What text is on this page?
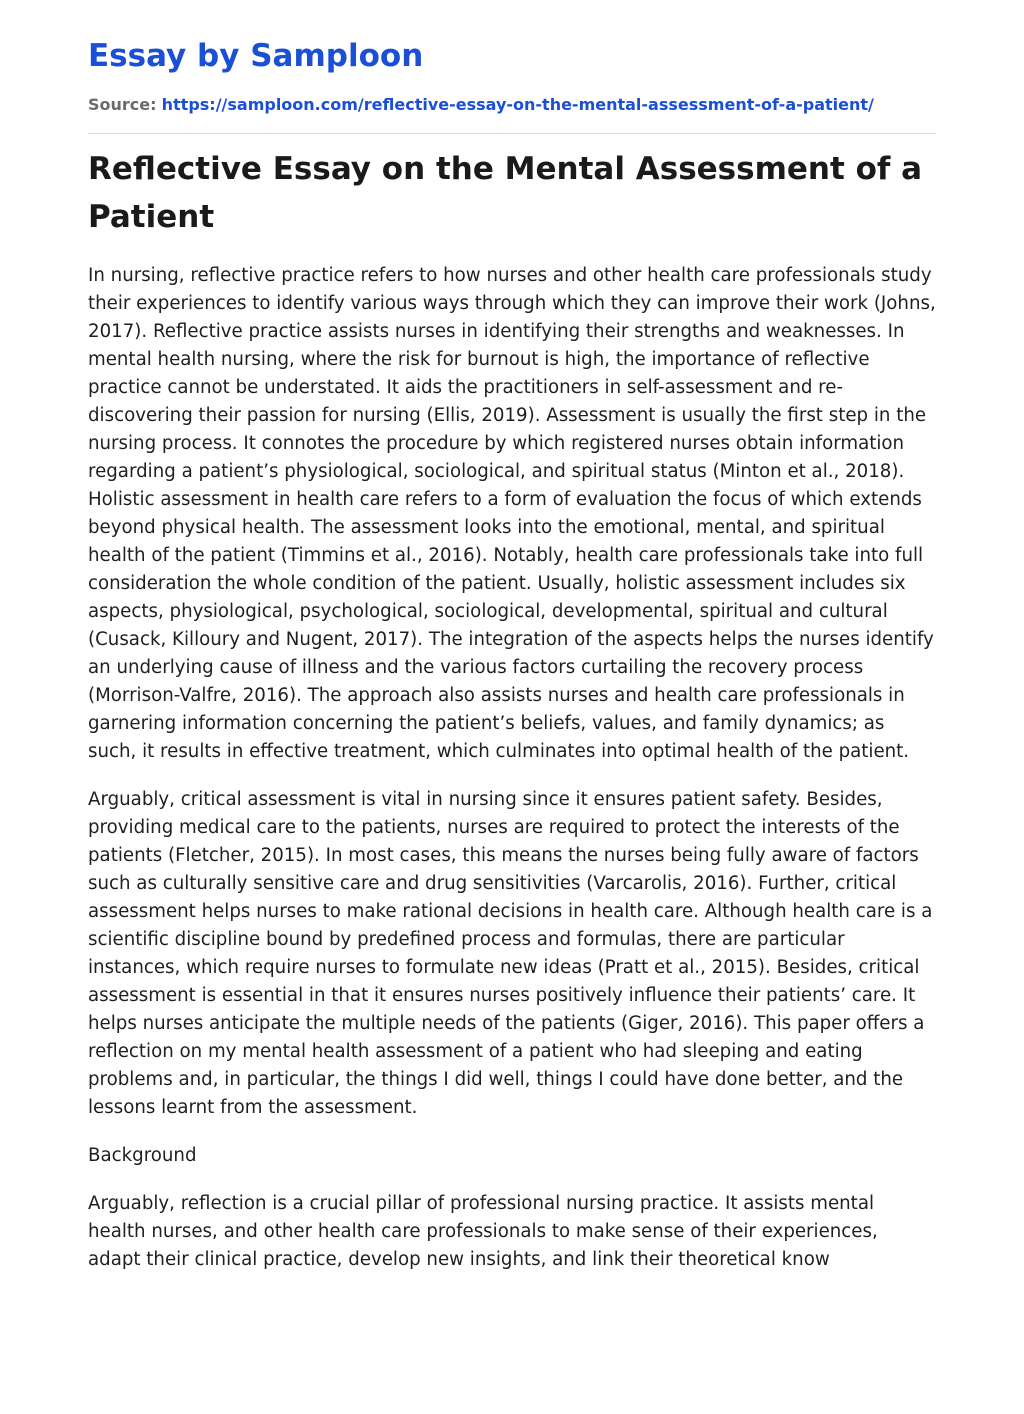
Essay by Samploon
Source: https://samploon.com/reflective-essay-on-the-mental-assessment-of-a-patient/
Reflective Essay on the Mental Assessment of a Patient

In nursing, reflective practice refers to how nurses and other health care professionals study their experiences to identify various ways through which they can improve their work (Johns, 2017). Reflective practice assists nurses in identifying their strengths and weaknesses. In mental health nursing, where the risk for burnout is high, the importance of reflective practice cannot be understated. It aids the practitioners in self-assessment and re-discovering their passion for nursing (Ellis, 2019). Assessment is usually the first step in the nursing process. It connotes the procedure by which registered nurses obtain information regarding a patient’s physiological, sociological, and spiritual status (Minton et al., 2018). Holistic assessment in health care refers to a form of evaluation the focus of which extends beyond physical health. The assessment looks into the emotional, mental, and spiritual health of the patient (Timmins et al., 2016). Notably, health care professionals take into full consideration the whole condition of the patient. Usually, holistic assessment includes six aspects, physiological, psychological, sociological, developmental, spiritual and cultural (Cusack, Killoury and Nugent, 2017). The integration of the aspects helps the nurses identify an underlying cause of illness and the various factors curtailing the recovery process (Morrison-Valfre, 2016). The approach also assists nurses and health care professionals in garnering information concerning the patient’s beliefs, values, and family dynamics; as such, it results in effective treatment, which culminates into optimal health of the patient.

Arguably, critical assessment is vital in nursing since it ensures patient safety. Besides, providing medical care to the patients, nurses are required to protect the interests of the patients (Fletcher, 2015). In most cases, this means the nurses being fully aware of factors such as culturally sensitive care and drug sensitivities (Varcarolis, 2016). Further, critical assessment helps nurses to make rational decisions in health care. Although health care is a scientific discipline bound by predefined process and formulas, there are particular instances, which require nurses to formulate new ideas (Pratt et al., 2015). Besides, critical assessment is essential in that it ensures nurses positively influence their patients’ care. It helps nurses anticipate the multiple needs of the patients (Giger, 2016). This paper offers a reflection on my mental health assessment of a patient who had sleeping and eating problems and, in particular, the things I did well, things I could have done better, and the lessons learnt from the assessment.

Background

Arguably, reflection is a crucial pillar of professional nursing practice. It assists mental health nurses, and other health care professionals to make sense of their experiences, adapt their clinical practice, develop new insights, and link their theoretical know
